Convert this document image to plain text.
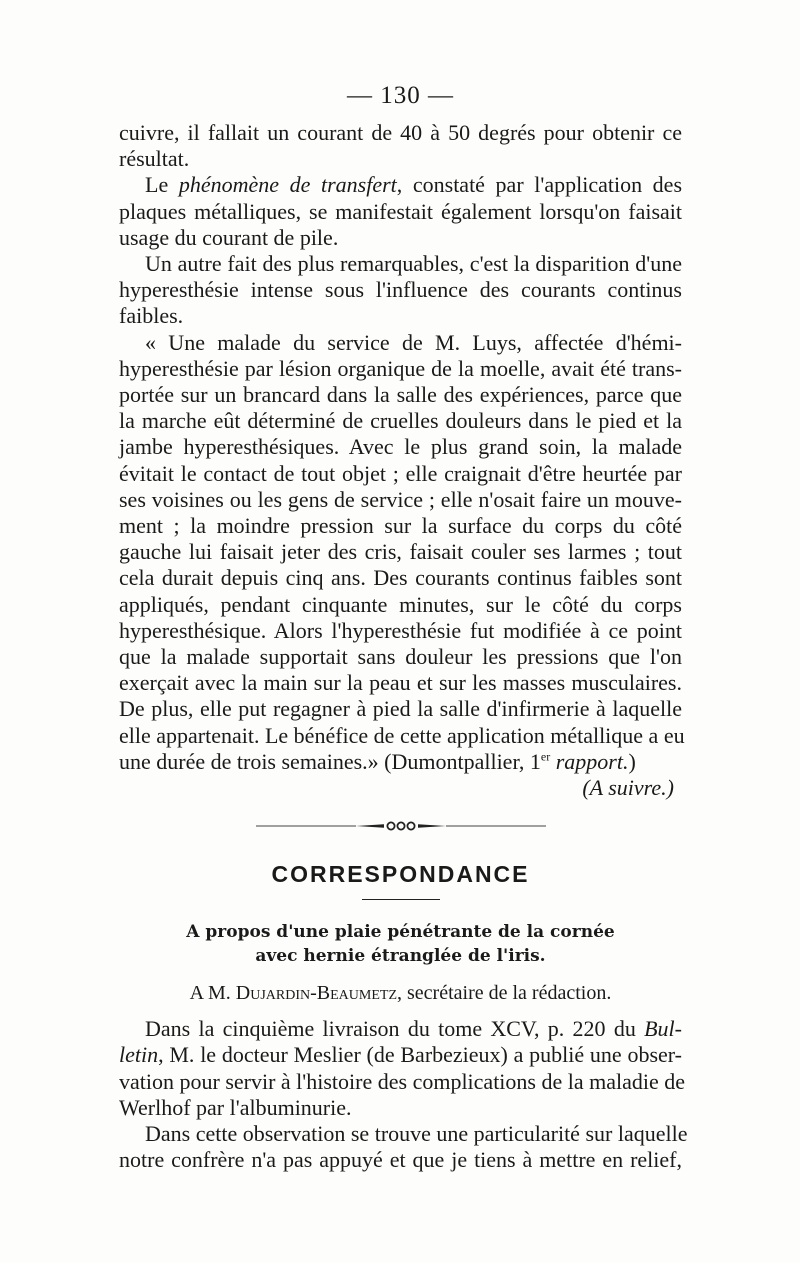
— 130 —

cuivre, il fallait un courant de 40 à 50 degrés pour obtenir ce
résultat.

Le phénomène de transfert, constaté par l'application des
plaques métalliques, se manifestait également lorsqu'on faisait
usage du courant de pile.

Un autre fait des plus remarquables, c'est la disparition d'une
hyperesthésie intense sous l'influence des courants continus
faibles.

« Une malade du service de M. Luys, affectée d'hémi-
hyperesthésie par lésion organique de la moelle, avait été trans-
portée sur un brancard dans la salle des expériences, parce que
la marche eût déterminé de cruelles douleurs dans le pied et la
jambe hyperesthésiques. Avec le plus grand soin, la malade
évitait le contact de tout objet ; elle craignait d'être heurtée par
ses voisines ou les gens de service ; elle n'osait faire un mouve-
ment ; la moindre pression sur la surface du corps du côté
gauche lui faisait jeter des cris, faisait couler ses larmes ; tout
cela durait depuis cinq ans. Des courants continus faibles sont
appliqués, pendant cinquante minutes, sur le côté du corps
hyperesthésique. Alors l'hyperesthésie fut modifiée à ce point
que la malade supportait sans douleur les pressions que l'on
exerçait avec la main sur la peau et sur les masses musculaires.
De plus, elle put regagner à pied la salle d'infirmerie à laquelle
elle appartenait. Le bénéfice de cette application métallique a eu
une durée de trois semaines.» (Dumontpallier, 1er rapport.)

(A suivre.)

CORRESPONDANCE
A propos d'une plaie pénétrante de la cornée
avec hernie étranglée de l'iris.
A M. Dujardin-Beaumetz, secrétaire de la rédaction.

Dans la cinquième livraison du tome XCV, p. 220 du Bul-
letin, M. le docteur Meslier (de Barbezieux) a publié une obser-
vation pour servir à l'histoire des complications de la maladie de
Werlhof par l'albuminurie.

Dans cette observation se trouve une particularité sur laquelle
notre confrère n'a pas appuyé et que je tiens à mettre en relief,
